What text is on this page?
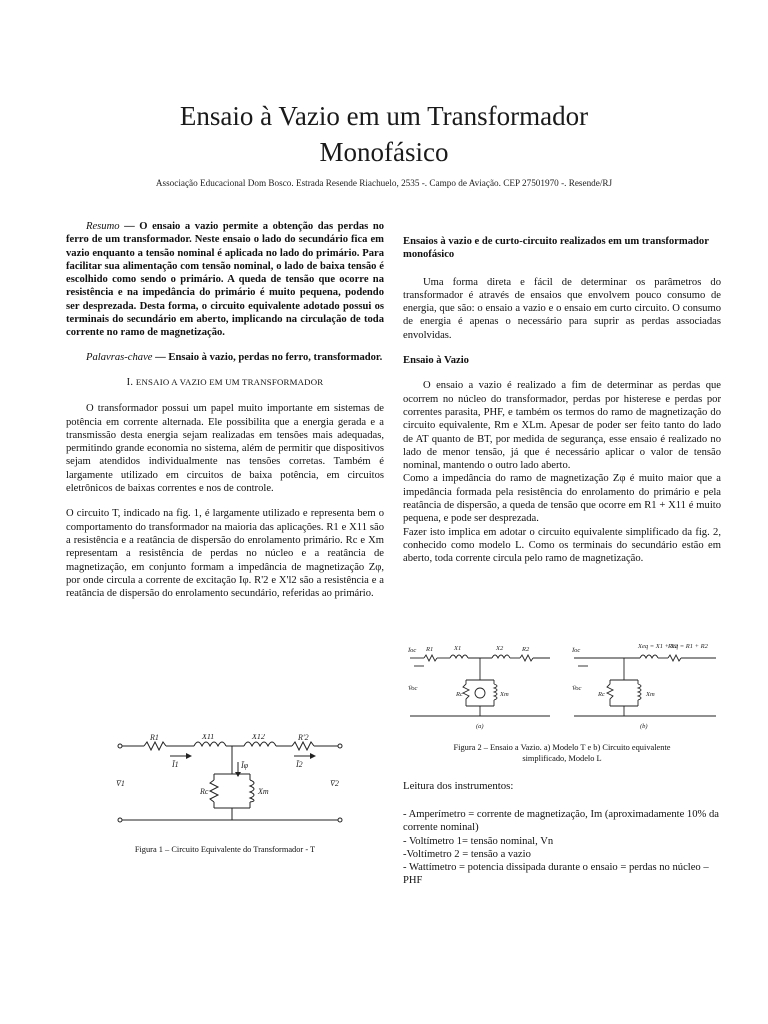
Ensaio à Vazio em um Transformador
Monofásico
Associação Educacional Dom Bosco. Estrada Resende Riachuelo, 2535 -. Campo de Aviação. CEP 27501970 -. Resende/RJ

Resumo — O ensaio a vazio permite a obtenção das perdas no ferro de um transformador. Neste ensaio o lado do secundário fica em vazio enquanto a tensão nominal é aplicada no lado do primário. Para facilitar sua alimentação com tensão nominal, o lado de baixa tensão é escolhido como sendo o primário. A queda de tensão que ocorre na resistência e na impedância do primário é muito pequena, podendo ser desprezada. Desta forma, o circuito equivalente adotado possui os terminais do secundário em aberto, implicando na circulação de toda corrente no ramo de magnetização.

Palavras-chave — Ensaio à vazio, perdas no ferro, transformador.

I. ENSAIO A VAZIO EM UM TRANSFORMADOR

O transformador possui um papel muito importante em sistemas de potência em corrente alternada. Ele possibilita que a energia gerada e a transmissão desta energia sejam realizadas em tensões mais adequadas, permitindo grande economia no sistema, além de permitir que dispositivos sejam atendidos individualmente nas tensões corretas. Também é largamente utilizado em circuitos de baixa potência, em circuitos eletrônicos de baixas correntes e nos de controle.

O circuito T, indicado na fig. 1, é largamente utilizado e representa bem o comportamento do transformador na maioria das aplicações. R1 e X11 são a resistência e a reatância de dispersão do enrolamento primário. Rc e Xm representam a resistência de perdas no núcleo e a reatância de magnetização, em conjunto formam a impedância de magnetização Zφ, por onde circula a corrente de excitação Iφ. R'2 e X'l2 são a resistência e a reatância de dispersão do enrolamento secundário, referidas ao primário.

R1	X11	X12	R'2
Ī1	Ī2
Īφ
Rc	Xm
V̄1	V̄2
Figura 1 – Circuito Equivalente do Transformador - T

Ensaios à vazio e de curto-circuito realizados em um transformador monofásico

Uma forma direta e fácil de determinar os parâmetros do transformador é através de ensaios que envolvem pouco consumo de energia, que são: o ensaio a vazio e o ensaio em curto circuito. O consumo de energia é apenas o necessário para suprir as perdas associadas envolvidas.

Ensaio à Vazio

O ensaio a vazio é realizado a fim de determinar as perdas que ocorrem no núcleo do transformador, perdas por histerese e perdas por correntes parasita, PHF, e também os termos do ramo de magnetização do circuito equivalente, Rm e XLm. Apesar de poder ser feito tanto do lado de AT quanto de BT, por medida de segurança, esse ensaio é realizado no lado de menor tensão, já que é necessário aplicar o valor de tensão nominal, mantendo o outro lado aberto.
Como a impedância do ramo de magnetização Zφ é muito maior que a impedância formada pela resistência do enrolamento do primário e pela reatância de dispersão, a queda de tensão que ocorre em R1 + X11 é muito pequena, e pode ser desprezada.
Fazer isto implica em adotar o circuito equivalente simplificado da fig. 2, conhecido como modelo L. Como os terminais do secundário estão em aberto, toda corrente circula pelo ramo de magnetização.
Īoc R1	X1	X2	R2
Rc	Xm
V̄oc
(a)
Īoc
Xeq = X1 + X2
Req = R1 + R2
Rc	Xm
V̄oc
(b)
Figura 2 – Ensaio a Vazio. a) Modelo T e b) Circuito equivalente
simplificado, Modelo L
Leitura dos instrumentos:
- Amperímetro = corrente de magnetização, Im (aproximadamente 10% da corrente nominal)
- Voltímetro 1= tensão nominal, Vn
-Voltímetro 2 = tensão a vazio
- Wattímetro = potencia dissipada durante o ensaio = perdas no núcleo – PHF
